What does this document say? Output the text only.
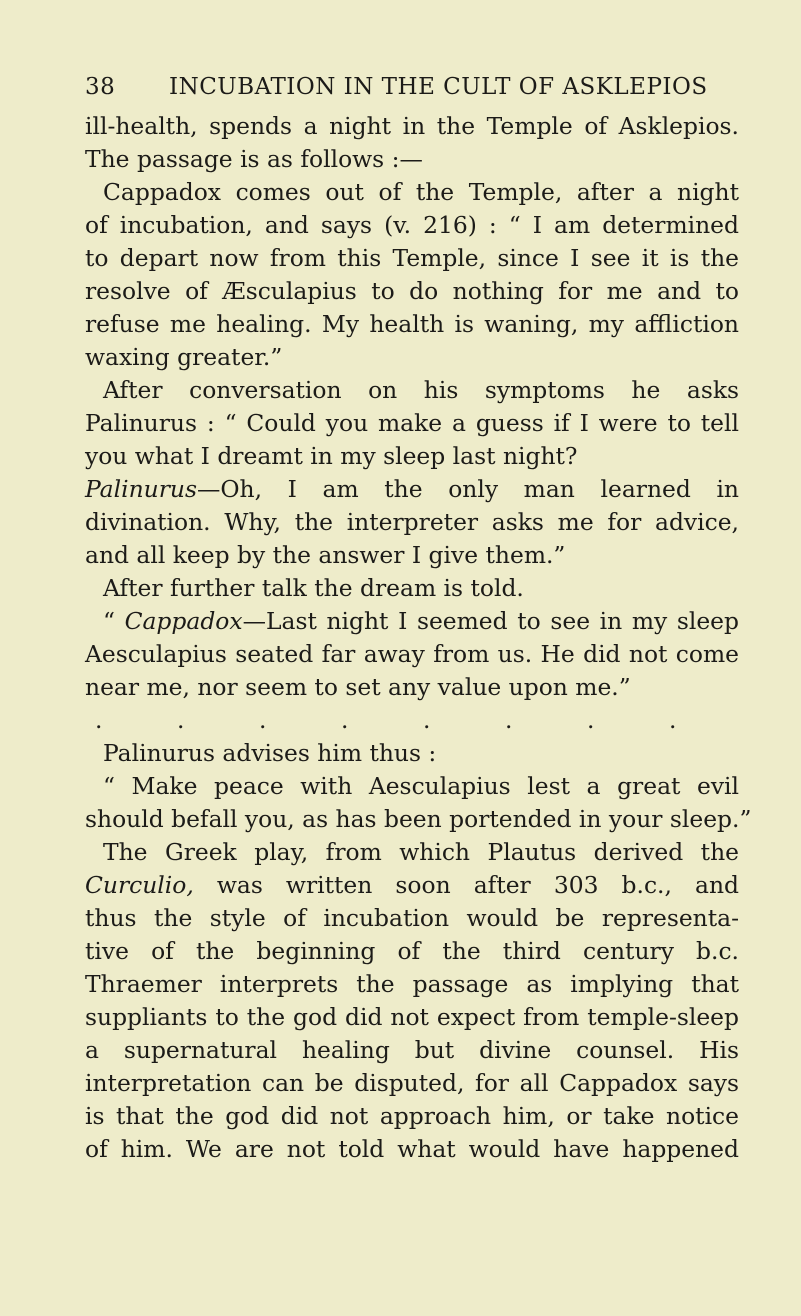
38 INCUBATION IN THE CULT OF ASKLEPIOS
ill-health, spends a night in the Temple of Asklepios.
The passage is as follows :—
Cappadox comes out of the Temple, after a night
of incubation, and says (v. 216) : “ I am determined
to depart now from this Temple, since I see it is the
resolve of Æsculapius to do nothing for me and to
refuse me healing. My health is waning, my affliction
waxing greater.”
After conversation on his symptoms he asks
Palinurus : “ Could you make a guess if I were to tell
you what I dreamt in my sleep last night?
Palinurus—Oh, I am the only man learned in
divination. Why, the interpreter asks me for advice,
and all keep by the answer I give them.”
After further talk the dream is told.
“ Cappadox—Last night I seemed to see in my sleep
Aesculapius seated far away from us. He did not come
near me, nor seem to set any value upon me.”
.	.	.	.	.	.	.	.
Palinurus advises him thus :
“ Make peace with Aesculapius lest a great evil
should befall you, as has been portended in your sleep.”
The Greek play, from which Plautus derived the
Curculio, was written soon after 303 b.c., and
thus the style of incubation would be representa-
tive of the beginning of the third century b.c.
Thraemer interprets the passage as implying that
suppliants to the god did not expect from temple-sleep
a supernatural healing but divine counsel. His
interpretation can be disputed, for all Cappadox says
is that the god did not approach him, or take notice
of him. We are not told what would have happened
